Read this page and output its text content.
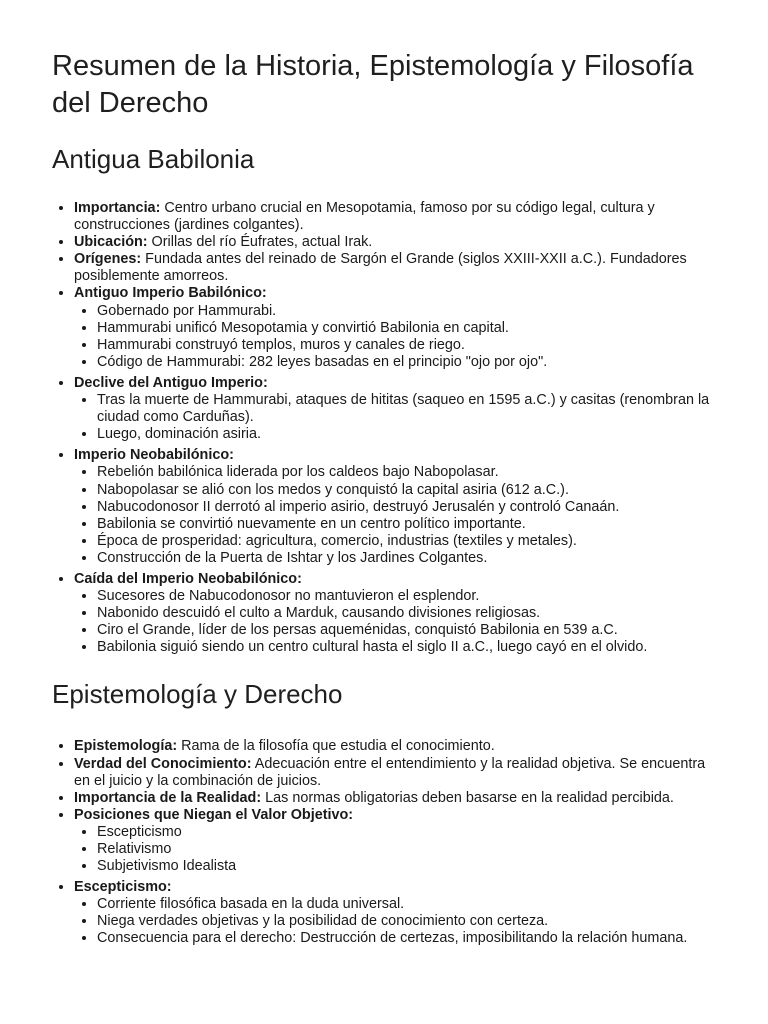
Resumen de la Historia, Epistemología y Filosofía del Derecho
Antigua Babilonia
• Importancia: Centro urbano crucial en Mesopotamia, famoso por su código legal, cultura y construcciones (jardines colgantes).
• Ubicación: Orillas del río Éufrates, actual Irak.
• Orígenes: Fundada antes del reinado de Sargón el Grande (siglos XXIII-XXII a.C.). Fundadores posiblemente amorreos.
• Antiguo Imperio Babilónico:
• Gobernado por Hammurabi.
• Hammurabi unificó Mesopotamia y convirtió Babilonia en capital.
• Hammurabi construyó templos, muros y canales de riego.
• Código de Hammurabi: 282 leyes basadas en el principio "ojo por ojo".
• Declive del Antiguo Imperio:
• Tras la muerte de Hammurabi, ataques de hititas (saqueo en 1595 a.C.) y casitas (renombran la ciudad como Carduñas).
• Luego, dominación asiria.
• Imperio Neobabilónico:
• Rebelión babilónica liderada por los caldeos bajo Nabopolasar.
• Nabopolasar se alió con los medos y conquistó la capital asiria (612 a.C.).
• Nabucodonosor II derrotó al imperio asirio, destruyó Jerusalén y controló Canaán.
• Babilonia se convirtió nuevamente en un centro político importante.
• Época de prosperidad: agricultura, comercio, industrias (textiles y metales).
• Construcción de la Puerta de Ishtar y los Jardines Colgantes.
• Caída del Imperio Neobabilónico:
• Sucesores de Nabucodonosor no mantuvieron el esplendor.
• Nabonido descuidó el culto a Marduk, causando divisiones religiosas.
• Ciro el Grande, líder de los persas aqueménidas, conquistó Babilonia en 539 a.C.
• Babilonia siguió siendo un centro cultural hasta el siglo II a.C., luego cayó en el olvido.
Epistemología y Derecho
• Epistemología: Rama de la filosofía que estudia el conocimiento.
• Verdad del Conocimiento: Adecuación entre el entendimiento y la realidad objetiva. Se encuentra en el juicio y la combinación de juicios.
• Importancia de la Realidad: Las normas obligatorias deben basarse en la realidad percibida.
• Posiciones que Niegan el Valor Objetivo:
• Escepticismo
• Relativismo
• Subjetivismo Idealista
• Escepticismo:
• Corriente filosófica basada en la duda universal.
• Niega verdades objetivas y la posibilidad de conocimiento con certeza.
• Consecuencia para el derecho: Destrucción de certezas, imposibilitando la relación humana.
